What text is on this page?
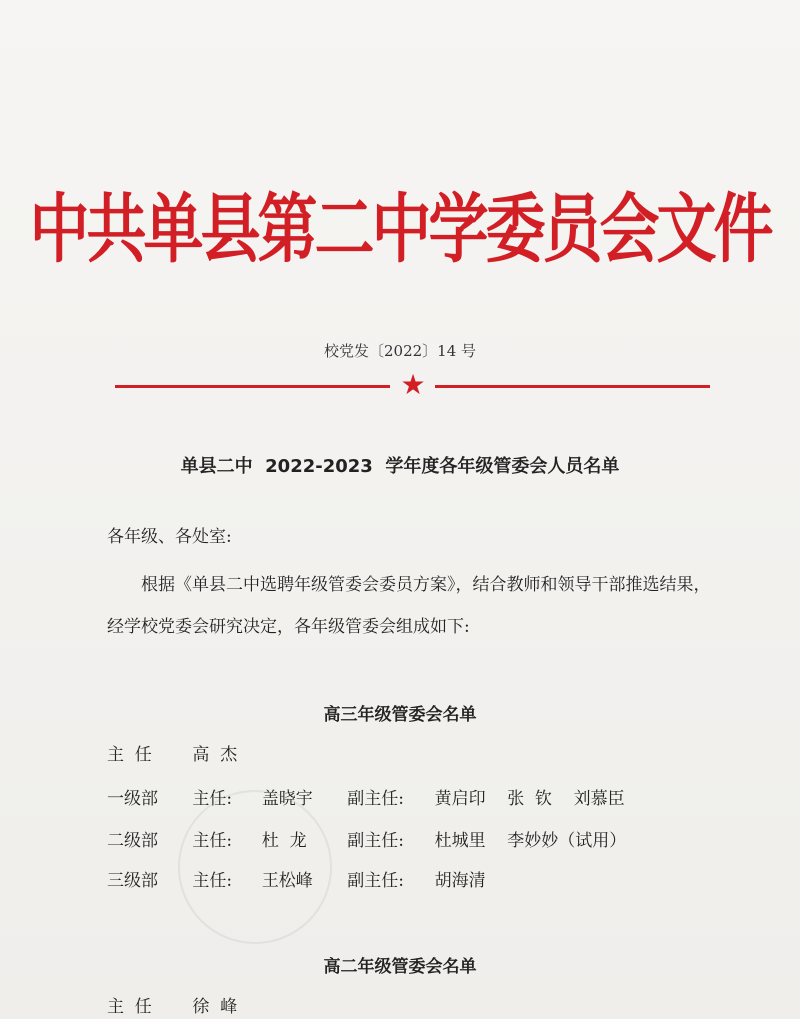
中共单县第二中学委员会文件
校党发〔2022〕14 号
★
单县二中  2022-2023  学年度各年级管委会人员名单
各年级、各处室:
根据《单县二中选聘年级管委会委员方案》，结合教师和领导干部推选结果，经学校党委会研究决定，各年级管委会组成如下:
高三年级管委会名单
主  任 高  杰
一级部 主任: 盖晓宇 副主任: 黄启印    张  钦    刘慕臣
二级部 主任: 杜  龙 副主任: 杜城里    李妙妙（试用）
三级部 主任: 王松峰 副主任: 胡海清
高二年级管委会名单
主  任 徐  峰
